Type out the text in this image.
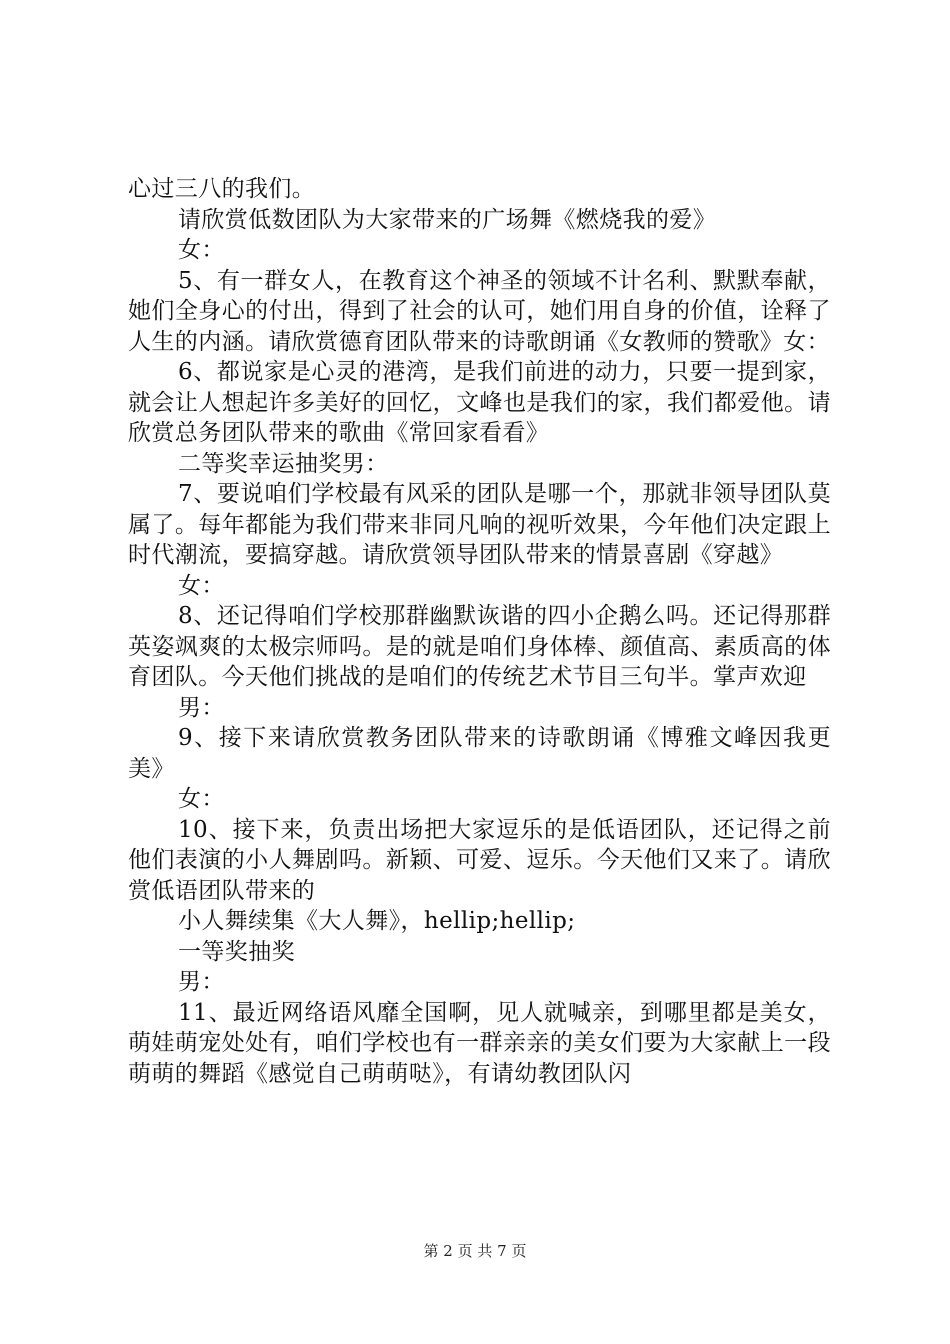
心过三八的我们。

请欣赏低数团队为大家带来的广场舞《燃烧我的爱》

女：

5、有一群女人，在教育这个神圣的领域不计名利、默默奉献，她们全身心的付出，得到了社会的认可，她们用自身的价值，诠释了人生的内涵。请欣赏德育团队带来的诗歌朗诵《女教师的赞歌》女：

6、都说家是心灵的港湾，是我们前进的动力，只要一提到家，就会让人想起许多美好的回忆，文峰也是我们的家，我们都爱他。请欣赏总务团队带来的歌曲《常回家看看》

二等奖幸运抽奖男：

7、要说咱们学校最有风采的团队是哪一个，那就非领导团队莫属了。每年都能为我们带来非同凡响的视听效果，今年他们决定跟上时代潮流，要搞穿越。请欣赏领导团队带来的情景喜剧《穿越》

女：

8、还记得咱们学校那群幽默诙谐的四小企鹅么吗。还记得那群英姿飒爽的太极宗师吗。是的就是咱们身体棒、颜值高、素质高的体育团队。今天他们挑战的是咱们的传统艺术节目三句半。掌声欢迎

男：

9、接下来请欣赏教务团队带来的诗歌朗诵《博雅文峰因我更美》

女：

10、接下来，负责出场把大家逗乐的是低语团队，还记得之前他们表演的小人舞剧吗。新颖、可爱、逗乐。今天他们又来了。请欣赏低语团队带来的

小人舞续集《大人舞》，hellip;hellip;

一等奖抽奖

男：

11、最近网络语风靡全国啊，见人就喊亲，到哪里都是美女，萌娃萌宠处处有，咱们学校也有一群亲亲的美女们要为大家献上一段萌萌的舞蹈《感觉自己萌萌哒》，有请幼教团队闪

第 2 页 共 7 页
